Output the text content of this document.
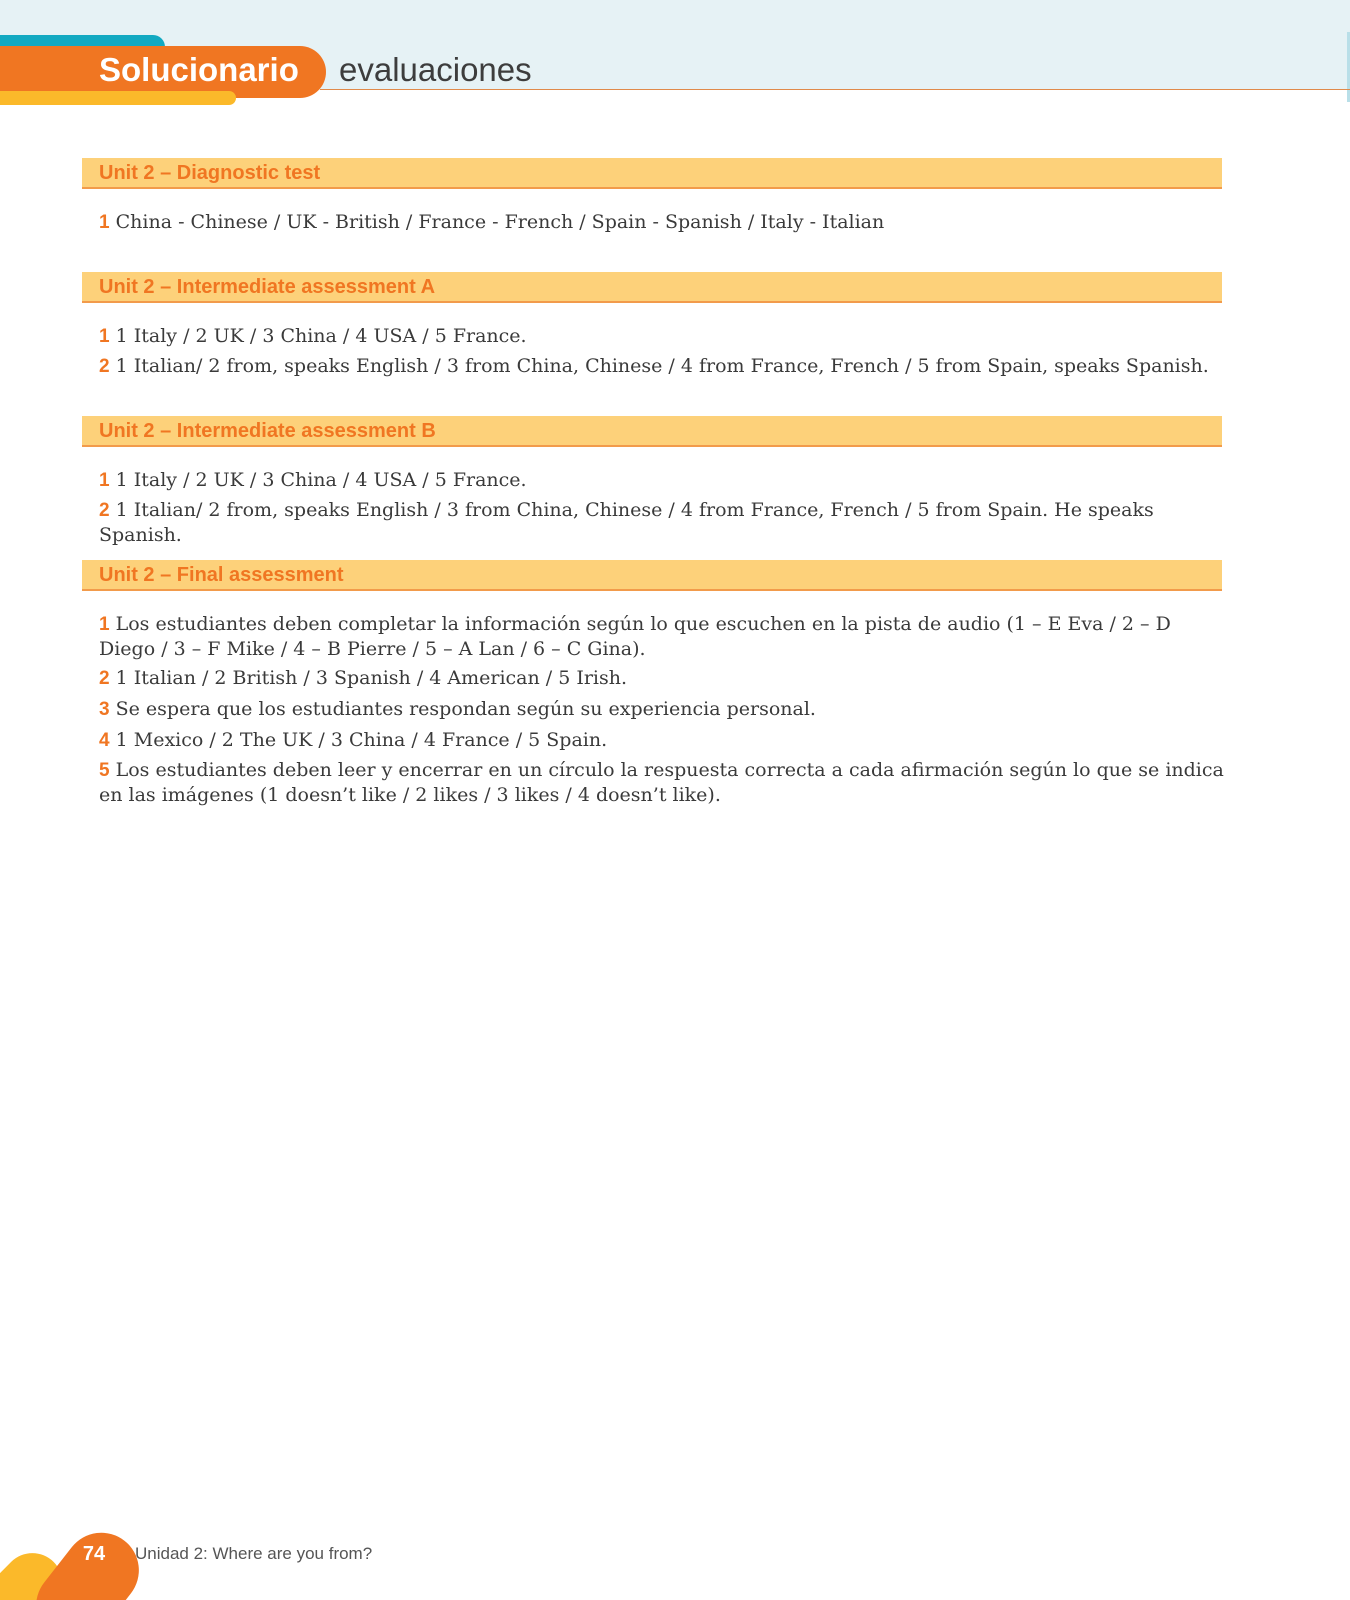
Solucionario evaluaciones
Unit 2 – Diagnostic test
1 China - Chinese / UK - British / France - French / Spain - Spanish / Italy - Italian
Unit 2 – Intermediate assessment A
1 1 Italy / 2 UK / 3 China / 4 USA / 5 France.
2 1 Italian/ 2 from, speaks English / 3 from China, Chinese / 4 from France, French / 5 from Spain, speaks Spanish.
Unit 2 – Intermediate assessment B
1 1 Italy / 2 UK / 3 China / 4 USA / 5 France.
2 1 Italian/ 2 from, speaks English / 3 from China, Chinese / 4 from France, French / 5 from Spain. He speaks Spanish.
Unit 2 – Final assessment
1 Los estudiantes deben completar la información según lo que escuchen en la pista de audio (1 – E Eva / 2 – D Diego / 3 – F Mike / 4 – B Pierre / 5 – A Lan / 6 – C Gina).
2 1 Italian / 2 British / 3 Spanish / 4 American / 5 Irish.
3 Se espera que los estudiantes respondan según su experiencia personal.
4 1 Mexico / 2 The UK / 3 China / 4 France / 5 Spain.
5 Los estudiantes deben leer y encerrar en un círculo la respuesta correcta a cada afirmación según lo que se indica en las imágenes (1 doesn’t like / 2 likes / 3 likes / 4 doesn’t like).
74	Unidad 2: Where are you from?
